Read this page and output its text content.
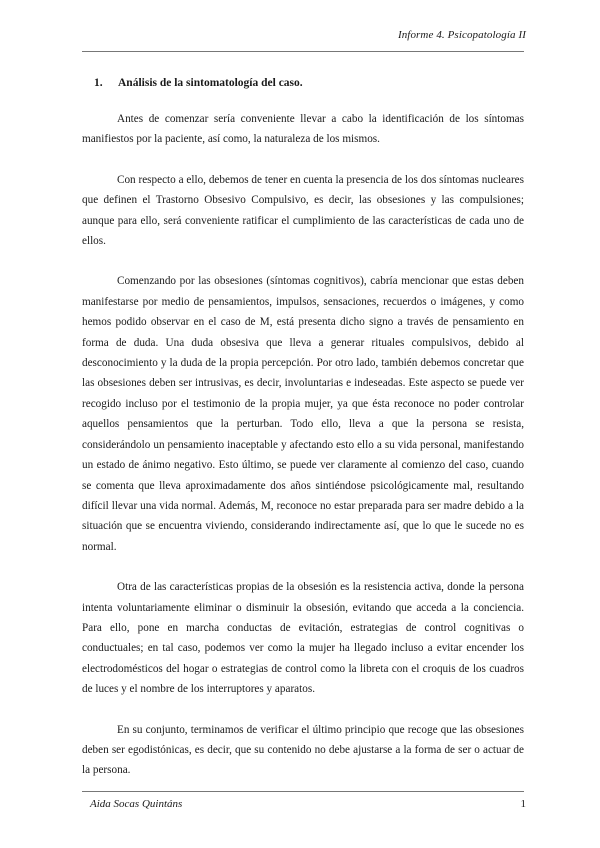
Informe 4. Psicopatología II
1. Análisis de la sintomatología del caso.

Antes de comenzar sería conveniente llevar a cabo la identificación de los síntomas manifiestos por la paciente, así como, la naturaleza de los mismos.

Con respecto a ello, debemos de tener en cuenta la presencia de los dos síntomas nucleares que definen el Trastorno Obsesivo Compulsivo, es decir, las obsesiones y las compulsiones; aunque para ello, será conveniente ratificar el cumplimiento de las características de cada uno de ellos.

Comenzando por las obsesiones (síntomas cognitivos), cabría mencionar que estas deben manifestarse por medio de pensamientos, impulsos, sensaciones, recuerdos o imágenes, y como hemos podido observar en el caso de M, está presenta dicho signo a través de pensamiento en forma de duda. Una duda obsesiva que lleva a generar rituales compulsivos, debido al desconocimiento y la duda de la propia percepción. Por otro lado, también debemos concretar que las obsesiones deben ser intrusivas, es decir, involuntarias e indeseadas. Este aspecto se puede ver recogido incluso por el testimonio de la propia mujer, ya que ésta reconoce no poder controlar aquellos pensamientos que la perturban. Todo ello, lleva a que la persona se resista, considerándolo un pensamiento inaceptable y afectando esto ello a su vida personal, manifestando un estado de ánimo negativo. Esto último, se puede ver claramente al comienzo del caso, cuando se comenta que lleva aproximadamente dos años sintiéndose psicológicamente mal, resultando difícil llevar una vida normal. Además, M, reconoce no estar preparada para ser madre debido a la situación que se encuentra viviendo, considerando indirectamente así, que lo que le sucede no es normal.

Otra de las características propias de la obsesión es la resistencia activa, donde la persona intenta voluntariamente eliminar o disminuir la obsesión, evitando que acceda a la conciencia. Para ello, pone en marcha conductas de evitación, estrategias de control cognitivas o conductuales; en tal caso, podemos ver como la mujer ha llegado incluso a evitar encender los electrodomésticos del hogar o estrategias de control como la libreta con el croquis de los cuadros de luces y el nombre de los interruptores y aparatos.

En su conjunto, terminamos de verificar el último principio que recoge que las obsesiones deben ser egodistónicas, es decir, que su contenido no debe ajustarse a la forma de ser o actuar de la persona.

Aida Socas Quintáns	1
